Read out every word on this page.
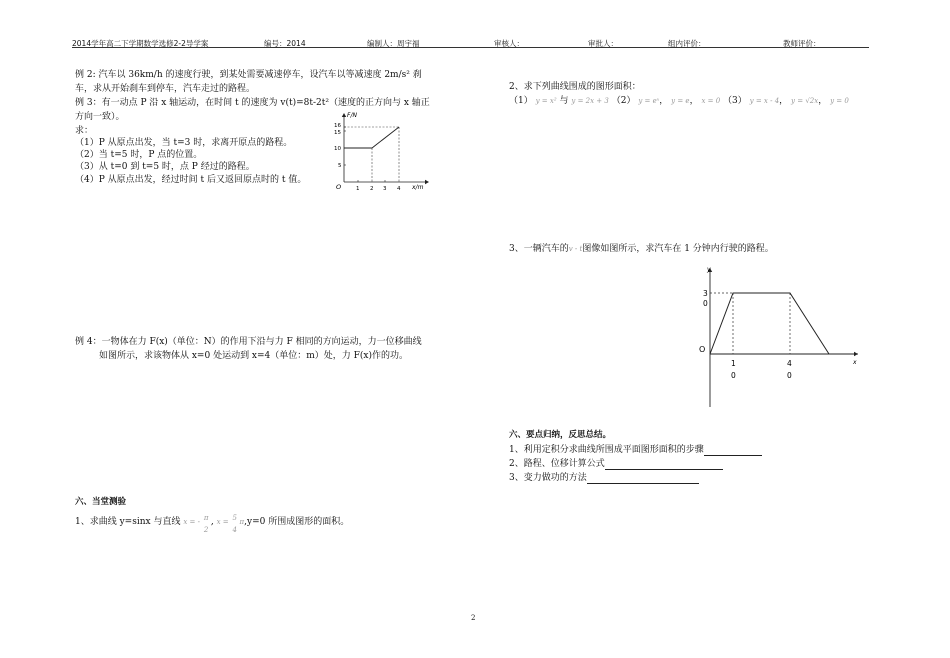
2014学年高二下学期数学选修2-2导学案	编号：2014	编制人：周宇福	审核人：	审批人：	组内评价：	教师评价：
例 2: 汽车以 36km/h 的速度行驶，到某处需要减速停车，设汽车以等减速度 2m/s² 刹
车，求从开始刹车到停车，汽车走过的路程。
例 3：有一动点 P 沿 x 轴运动，在时间 t 的速度为 v(t)=8t-2t²（速度的正方向与 x 轴正
方向一致）。
求：
（1）P 从原点出发，当 t=3 时，求离开原点的路程。
（2）当 t=5 时，P 点的位置。
（3）从 t=0 到 t=5 时，点 P 经过的路程。
（4）P 从原点出发，经过时间 t 后又返回原点时的 t 值。
F/N
x/m
O
5
10
15
16
1 2 3 4
例 4：一物体在力 F(x)（单位：N）的作用下沿与力 F 相同的方向运动，力一位移曲线
如图所示，求该物体从 x=0 处运动到 x=4（单位：m）处，力 F(x)作的功。
六、当堂测验
1、求曲线 y=sinx 与直线 x = - π
2
, x = 5
4
π,y=0 所围成图形的面积。
2、求下列曲线围成的图形面积：
（1） y = x² 与 y = 2x + 3 （2） y = eˣ， y = e， x = 0 （3） y = x - 4， y = √2x， y = 0
3、一辆汽车的v - t图像如图所示，求汽车在 1 分钟内行驶的路程。
y
x
O
3
0
1
0
4
0
六、要点归纳，反思总结。
1、利用定积分求曲线所围成平面图形面积的步骤
2、路程、位移计算公式
3、变力做功的方法
2
